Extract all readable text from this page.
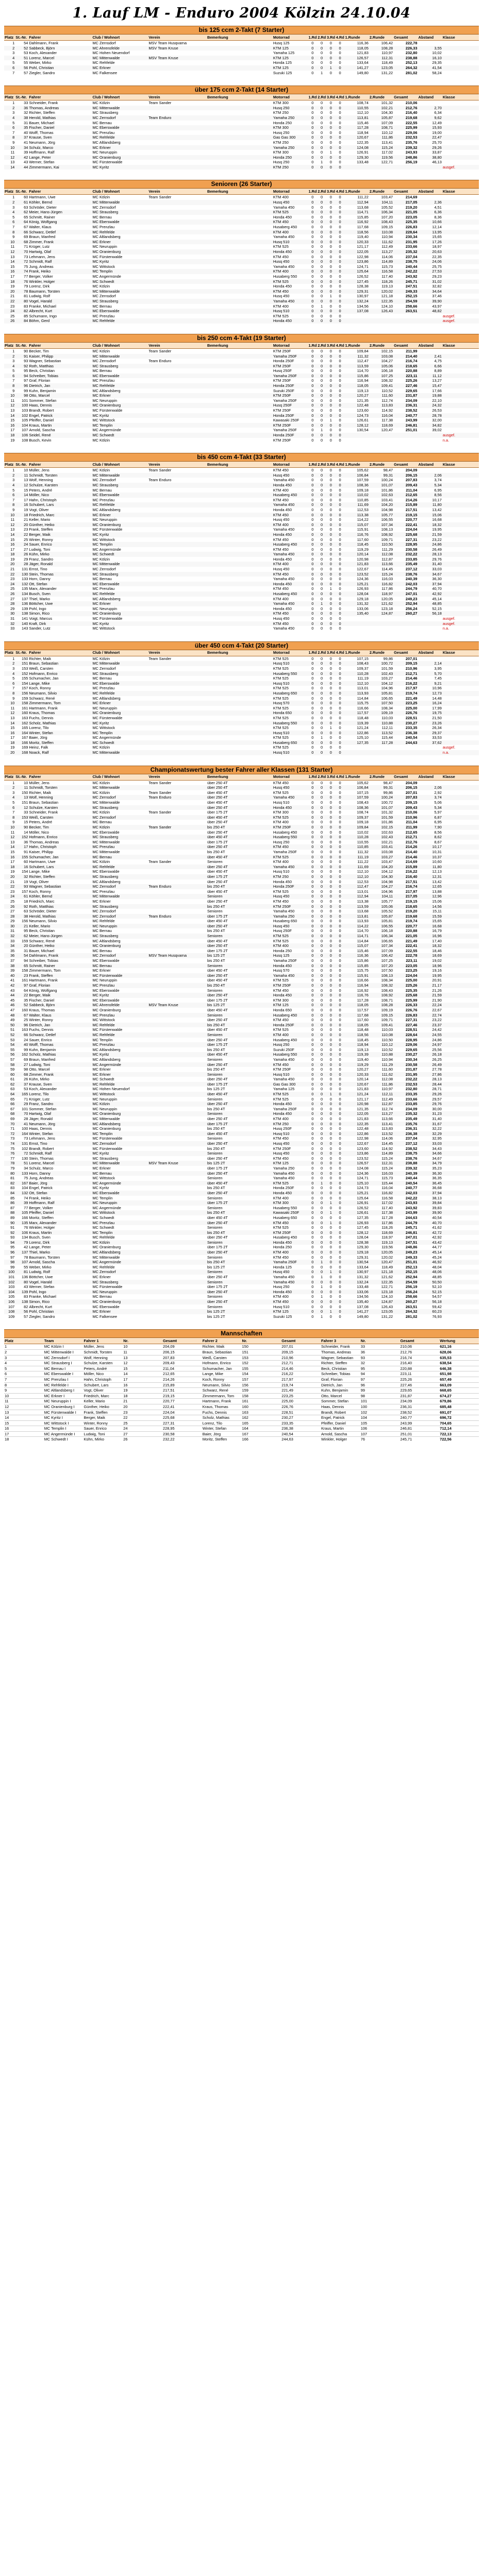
1. Lauf LM - Enduro 2004 Kölzin 24.10.04
bis 125 ccm 2-Takt (7 Starter)
Platz	St.-Nr.	Fahrer	Club / Wohnort	Verein	Bemerkung	Motorrad	1.Rd	2.Rd	3.Rd	4.Rd	1.Runde	2.Runde	Gesamt	Abstand	Klasse
1	54	Dahlmann, Frank	MC Zernsdorf	MSV Team Husqvarna		Husq 125	0	0	0	0	116,36	106,42	222,78		
2	52	Sabbeck, Björn	MC Ahrensfelde	MSV Team Kruse		KTM 125	0	0	0	0	118,05	108,28	226,33	3,55	
3	53	Koch, Alexander	MC Hohen Neuendorf			Yamaha 125	0	0	0	0	121,83	110,97	232,80	10,02	
4	51	Lorenz, Marcel	MC Mittenwalde	MSV Team Kruse		KTM 125	0	0	0	0	126,57	112,31	238,88	16,10	
5	55	Weber, Mirko	MC Rehfelde			Honda 125	0	0	0	0	133,64	118,49	252,13	29,35	
6	56	Pohl, Christian	MC Erkner			KTM 125	0	0	1	0	141,27	123,05	264,32	41,54	
7	57	Ziegler, Sandro	MC Falkensee			Suzuki 125	0	1	0	0	149,80	131,22	281,02	58,24	
über 175 ccm 2-Takt (14 Starter)
Platz	St.-Nr.	Fahrer	Club / Wohnort	Verein	Bemerkung	Motorrad	1.Rd	2.Rd	3.Rd	4.Rd	1.Runde	2.Runde	Gesamt	Abstand	Klasse
1	33	Schneider, Frank	MC Kölzin	Team Sander		KTM 300	0	0	0	0	108,74	101,32	210,06		
2	36	Thomas, Andreas	MC Mittenwalde			Husq 250	0	0	0	0	110,55	102,21	212,76	2,70	
3	32	Richter, Steffen	MC Strausberg			KTM 250	0	0	0	0	112,10	104,30	216,40	6,34	
4	38	Herold, Mathias	MC Zernsdorf	Team Enduro		Yamaha 250	0	0	0	0	113,81	105,87	219,68	9,62	
5	31	Bauer, Michael	MC Bernau			Honda 250	0	0	0	0	115,46	107,09	222,55	12,49	
6	35	Fischer, Daniel	MC Eberswalde			KTM 300	0	0	0	0	117,28	108,71	225,99	15,93	
7	40	Wolff, Thomas	MC Prenzlau			Husq 250	0	0	0	0	118,94	110,12	229,06	19,00	
8	37	Krause, Sven	MC Rehfelde			Gas Gas 300	0	0	0	0	120,67	111,86	232,53	22,47	
9	41	Neumann, Jörg	MC Altlandsberg			KTM 250	0	0	0	0	122,35	113,41	235,76	25,70	
10	34	Schulz, Marco	MC Erkner			Yamaha 250	0	0	0	0	124,08	115,24	239,32	29,26	
11	39	Hoffmann, Ralf	MC Neuruppin			KTM 300	0	0	1	0	126,91	117,02	243,93	33,87	
12	42	Lange, Peter	MC Oranienburg			Honda 250	0	0	0	0	129,30	119,56	248,86	38,80	
13	43	Werner, Stefan	MC Fürstenwalde			Husq 250	0	1	0	0	133,48	122,71	256,19	46,13	
14	44	Zimmermann, Kai	MC Kyritz			KTM 250	0	0	0	0					ausgef.
Senioren (26 Starter)
Platz	St.-Nr.	Fahrer	Club / Wohnort	Verein	Bemerkung	Motorrad	1.Rd	2.Rd	3.Rd	4.Rd	1.Runde	2.Runde	Gesamt	Abstand	Klasse
1	60	Hartmann, Uwe	MC Kölzin	Team Sander		KTM 400	0	0	0	0	111,22	103,47	214,69		
2	61	Köhler, Bernd	MC Mittenwalde			Husq 450	0	0	0	0	112,94	104,11	217,05	2,36	
3	63	Schröder, Dieter	MC Zernsdorf			Yamaha 450	0	0	0	0	113,68	105,52	219,20	4,51	
4	62	Meier, Hans-Jürgen	MC Strausberg			KTM 525	0	0	0	0	114,71	106,34	221,05	6,36	
5	65	Schmitt, Rainer	MC Bernau			Honda 450	0	0	0	0	115,85	107,20	223,05	8,36	
6	64	König, Wolfgang	MC Eberswalde			KTM 450	0	0	0	0	116,92	108,43	225,35	10,66	
7	67	Walter, Klaus	MC Prenzlau			Husaberg 450	0	0	0	0	117,68	109,15	226,83	12,14	
8	66	Schwarz, Detlef	MC Rehfelde			KTM 400	0	0	0	0	118,56	110,08	228,64	13,95	
9	69	Braun, Manfred	MC Altlandsberg			Yamaha 450	0	0	0	0	119,40	110,94	230,34	15,65	
10	68	Zimmer, Frank	MC Erkner			Husq 510	0	0	0	0	120,33	111,62	231,95	17,26	
11	71	Krüger, Lutz	MC Neuruppin			KTM 525	0	0	0	0	121,17	112,49	233,66	18,97	
12	70	Hartwig, Olaf	MC Oranienburg			Honda 450	0	0	0	0	122,05	113,27	235,32	20,63	
13	73	Lehmann, Jens	MC Fürstenwalde			KTM 450	0	0	0	0	122,98	114,06	237,04	22,35	
14	72	Schmidt, Ralf	MC Kyritz			Husq 450	0	0	0	0	123,86	114,89	238,75	24,06	
15	75	Jung, Andreas	MC Wittstock			Yamaha 450	0	0	0	0	124,71	115,73	240,44	25,75	
16	74	Frank, Heiko	MC Templin			KTM 400	0	0	0	0	125,64	116,58	242,22	27,53	
17	77	Berger, Volker	MC Angermünde			Husaberg 550	0	0	0	0	126,52	117,40	243,92	29,23	
18	76	Winkler, Holger	MC Schwedt			KTM 525	0	0	0	0	127,45	118,26	245,71	31,02	
19	79	Lorenz, Dirk	MC Kölzin			Honda 450	0	0	0	0	128,38	119,13	247,51	32,82	
20	78	Baumann, Torsten	MC Mittenwalde			KTM 450	0	0	0	0	129,31	120,02	249,33	34,64	
21	81	Ludwig, Rolf	MC Zernsdorf			Husq 450	0	0	1	0	130,97	121,18	252,15	37,46	
22	80	Vogel, Harald	MC Strausberg			Yamaha 450	0	0	0	0	132,24	122,35	254,59	39,90	
23	83	Franke, Michael	MC Bernau			KTM 400	0	1	0	0	134,56	124,10	258,66	43,97	
24	82	Albrecht, Kurt	MC Eberswalde			Husq 510	0	0	0	0	137,08	126,43	263,51	48,82	
25	85	Schumann, Ingo	MC Prenzlau			KTM 525	0	0	0	0					ausgef.
26	84	Böhm, Gerd	MC Rehfelde			Honda 450	0	0	0	0					ausgef.
bis 250 ccm 4-Takt (19 Starter)
Platz	St.-Nr.	Fahrer	Club / Wohnort	Verein	Bemerkung	Motorrad	1.Rd	2.Rd	3.Rd	4.Rd	1.Runde	2.Runde	Gesamt	Abstand	Klasse
1	90	Becker, Tim	MC Kölzin	Team Sander		KTM 250F	0	0	0	0	109,84	102,15	211,99		
2	91	Kaiser, Philipp	MC Mittenwalde			Yamaha 250F	0	0	0	0	111,32	103,08	214,40	2,41	
3	93	Wagner, Sebastian	MC Zernsdorf	Team Enduro		Honda 250F	0	0	0	0	112,47	104,27	216,74	4,75	
4	92	Roth, Matthias	MC Strausberg			KTM 250F	0	0	0	0	113,59	105,06	218,65	6,66	
5	95	Beck, Christian	MC Bernau			Husq 250F	0	0	0	0	114,70	106,18	220,88	8,89	
6	94	Schreiber, Tobias	MC Eberswalde			Yamaha 250F	0	0	0	0	115,86	107,25	223,11	11,12	
7	97	Graf, Florian	MC Prenzlau			KTM 250F	0	0	0	0	116,94	108,32	225,26	13,27	
8	96	Dietrich, Jan	MC Rehfelde			Honda 250F	0	0	0	0	118,05	109,41	227,46	15,47	
9	99	Kuhn, Benjamin	MC Altlandsberg			Suzuki 250F	0	0	0	0	119,13	110,52	229,65	17,66	
10	98	Otto, Marcel	MC Erkner			KTM 250F	0	0	0	0	120,27	111,60	231,87	19,88	
11	101	Sommer, Stefan	MC Neuruppin			Yamaha 250F	0	0	0	0	121,35	112,74	234,09	22,10	
12	100	Haas, Dennis	MC Oranienburg			Husq 250F	0	0	0	0	122,48	113,83	236,31	24,32	
13	103	Brandt, Robert	MC Fürstenwalde			KTM 250F	0	0	0	0	123,60	114,92	238,52	26,53	
14	102	Engel, Patrick	MC Kyritz			Honda 250F	0	0	0	0	124,73	116,04	240,77	28,78	
15	105	Pfeiffer, Daniel	MC Wittstock			Kawasaki 250F	0	0	1	0	126,61	117,38	243,99	32,00	
16	104	Kraus, Martin	MC Templin			KTM 250F	0	0	0	0	128,12	118,69	246,81	34,82	
17	107	Arnold, Sascha	MC Angermünde			Yamaha 250F	0	1	0	0	130,54	120,47	251,01	39,02	
18	106	Seidel, René	MC Schwedt			Honda 250F	0	0	0	0					ausgef.
19	108	Busch, Kevin	MC Kölzin			KTM 250F	0	0	0	0					n.a.
bis 450 ccm 4-Takt (33 Starter)
Platz	St.-Nr.	Fahrer	Club / Wohnort	Verein	Bemerkung	Motorrad	1.Rd	2.Rd	3.Rd	4.Rd	1.Runde	2.Runde	Gesamt	Abstand	Klasse
1	10	Müller, Jens	MC Kölzin	Team Sander		KTM 450	0	0	0	0	105,62	98,47	204,09		
2	11	Schmidt, Torsten	MC Mittenwalde			Husq 450	0	0	0	0	106,84	99,31	206,15	2,06	
3	13	Wolf, Henning	MC Zernsdorf	Team Enduro		Yamaha 450	0	0	0	0	107,59	100,24	207,83	3,74	
4	12	Schulze, Karsten	MC Strausberg			Honda 450	0	0	0	0	108,36	101,07	209,43	5,34	
5	15	Peters, André	MC Bernau			KTM 400	0	0	0	0	109,18	101,86	211,04	6,95	
6	14	Möller, Nico	MC Eberswalde			Husaberg 450	0	0	0	0	110,02	102,63	212,65	8,56	
7	17	Hahn, Christoph	MC Prenzlau			KTM 450	0	0	0	0	110,85	103,41	214,26	10,17	
8	16	Schubert, Lars	MC Rehfelde			Yamaha 450	0	0	0	0	111,69	104,20	215,89	11,80	
9	19	Vogt, Oliver	MC Altlandsberg			Honda 450	0	0	0	0	112,53	104,98	217,51	13,42	
10	18	Friedrich, Marc	MC Erkner			KTM 450	0	0	0	0	113,38	105,77	219,15	15,06	
11	21	Keller, Mario	MC Neuruppin			Husq 450	0	0	0	0	114,22	106,55	220,77	16,68	
12	20	Günther, Heiko	MC Oranienburg			KTM 400	0	0	0	0	115,07	107,34	222,41	18,32	
13	23	Frank, Steffen	MC Fürstenwalde			Yamaha 450	0	0	0	0	115,91	108,13	224,04	19,95	
14	22	Berger, Maik	MC Kyritz			Honda 450	0	0	0	0	116,76	108,92	225,68	21,59	
15	25	Winter, Ronny	MC Wittstock			KTM 450	0	0	0	0	117,60	109,71	227,31	23,22	
16	24	Sauer, Enrico	MC Templin			Husaberg 450	0	0	0	0	118,45	110,50	228,95	24,86	
17	27	Ludwig, Toni	MC Angermünde			KTM 450	0	0	0	0	119,29	111,29	230,58	26,49	
18	26	Kühn, Mirko	MC Schwedt			Yamaha 450	0	0	0	0	120,14	112,08	232,22	28,13	
19	29	Franz, Sandro	MC Kölzin			Honda 450	0	0	0	0	120,98	112,87	233,85	29,76	
20	28	Jäger, Ronald	MC Mittenwalde			KTM 400	0	0	0	0	121,83	113,66	235,49	31,40	
21	131	Ernst, Tino	MC Zernsdorf			Husq 450	0	0	0	0	122,67	114,45	237,12	33,03	
22	130	Stein, Thomas	MC Strausberg			KTM 450	0	0	0	0	123,52	115,24	238,76	34,67	
23	133	Horn, Danny	MC Bernau			Yamaha 450	0	0	0	0	124,36	116,03	240,39	36,30	
24	132	Ott, Stefan	MC Eberswalde			Honda 450	0	0	0	0	125,21	116,82	242,03	37,94	
25	135	Marx, Alexander	MC Prenzlau			KTM 450	0	0	1	0	126,93	117,86	244,79	40,70	
26	134	Busch, Sven	MC Rehfelde			Husaberg 450	0	0	0	0	128,04	118,97	247,01	42,92	
27	137	Thiel, Marko	MC Altlandsberg			KTM 400	0	0	0	0	129,18	120,05	249,23	45,14	
28	136	Böttcher, Uwe	MC Erkner			Yamaha 450	0	1	0	0	131,32	121,62	252,94	48,85	
29	139	Pohl, Ingo	MC Neuruppin			Honda 450	0	0	0	0	133,06	123,18	256,24	52,15	
30	138	Simon, Rico	MC Oranienburg			KTM 450	0	0	0	0	135,40	124,87	260,27	56,18	
31	141	Voigt, Marcus	MC Fürstenwalde			Husq 450	0	0	0	0					ausgef.
32	140	Kraft, Dirk	MC Kyritz			KTM 450	0	0	0	0					ausgef.
33	143	Sander, Lutz	MC Wittstock			Yamaha 450	0	0	0	0					n.a.
über 450 ccm 4-Takt (20 Starter)
Platz	St.-Nr.	Fahrer	Club / Wohnort	Verein	Bemerkung	Motorrad	1.Rd	2.Rd	3.Rd	4.Rd	1.Runde	2.Runde	Gesamt	Abstand	Klasse
1	150	Richter, Maik	MC Kölzin	Team Sander		KTM 525	0	0	0	0	107,15	99,86	207,01		
2	151	Braun, Sebastian	MC Mittenwalde			Husq 510	0	0	0	0	108,43	100,72	209,15	2,14	
3	153	Weiß, Carsten	MC Zernsdorf			KTM 525	0	0	0	0	109,37	101,59	210,96	3,95	
4	152	Hofmann, Enrico	MC Strausberg			Husaberg 550	0	0	0	0	110,28	102,43	212,71	5,70	
5	155	Schumacher, Jan	MC Bernau			KTM 525	0	0	0	0	111,19	103,27	214,46	7,45	
6	154	Lange, Mike	MC Eberswalde			Husq 510	0	0	0	0	112,10	104,12	216,22	9,21	
7	157	Koch, Ronny	MC Prenzlau			KTM 525	0	0	0	0	113,01	104,96	217,97	10,96	
8	156	Neumann, Silvio	MC Rehfelde			Husaberg 650	0	0	0	0	113,93	105,81	219,74	12,73	
9	159	Schwarz, René	MC Altlandsberg			KTM 525	0	0	0	0	114,84	106,65	221,49	14,48	
10	158	Zimmermann, Tom	MC Erkner			Husq 570	0	0	0	0	115,75	107,50	223,25	16,24	
11	161	Hartmann, Frank	MC Neuruppin			KTM 525	0	0	0	0	116,66	108,34	225,00	17,99	
12	160	Kraus, Thomas	MC Oranienburg			Honda 650	0	0	0	0	117,57	109,19	226,76	19,75	
13	163	Fuchs, Dennis	MC Fürstenwalde			KTM 525	0	0	0	0	118,48	110,03	228,51	21,50	
14	162	Scholz, Mathias	MC Kyritz			Husaberg 550	0	0	0	0	119,39	110,88	230,27	23,26	
15	165	Lorenz, Tilo	MC Wittstock			KTM 525	0	0	1	0	121,24	112,11	233,35	26,34	
16	164	Winter, Stefan	MC Templin			Husq 510	0	0	0	0	122,86	113,52	236,38	29,37	
17	167	Baier, Jörg	MC Angermünde			KTM 525	0	1	0	0	125,10	115,44	240,54	33,53	
18	166	Moritz, Steffen	MC Schwedt			Husaberg 650	0	0	0	0	127,35	117,28	244,63	37,62	
19	169	Heinz, Falk	MC Kölzin			KTM 525	0	0	0	0					ausgef.
20	168	Noack, Ralf	MC Mittenwalde			Husq 510	0	0	0	0					n.a.
Championatswertung bester Fahrer aller Klassen (131 Starter)
Platz	St.-Nr.	Fahrer	Club / Wohnort	Verein	Bemerkung	Motorrad	1.Rd	2.Rd	3.Rd	4.Rd	1.Runde	2.Runde	Gesamt	Abstand	Klasse
1	10	Müller, Jens	MC Kölzin	Team Sander	über 250 4T	KTM 450	0	0	0	0	105,62	98,47	204,09		
2	11	Schmidt, Torsten	MC Mittenwalde		über 250 4T	Husq 450	0	0	0	0	106,84	99,31	206,15	2,06	
3	150	Richter, Maik	MC Kölzin	Team Sander	über 450 4T	KTM 525	0	0	0	0	107,15	99,86	207,01	2,92	
4	13	Wolf, Henning	MC Zernsdorf	Team Enduro	über 250 4T	Yamaha 450	0	0	0	0	107,59	100,24	207,83	3,74	
5	151	Braun, Sebastian	MC Mittenwalde		über 450 4T	Husq 510	0	0	0	0	108,43	100,72	209,15	5,06	
6	12	Schulze, Karsten	MC Strausberg		über 250 4T	Honda 450	0	0	0	0	108,36	101,07	209,43	5,34	
7	33	Schneider, Frank	MC Kölzin	Team Sander	über 175 2T	KTM 300	0	0	0	0	108,74	101,32	210,06	5,97	
8	153	Weiß, Carsten	MC Zernsdorf		über 450 4T	KTM 525	0	0	0	0	109,37	101,59	210,96	6,87	
9	15	Peters, André	MC Bernau		über 250 4T	KTM 400	0	0	0	0	109,18	101,86	211,04	6,95	
10	90	Becker, Tim	MC Kölzin	Team Sander	bis 250 4T	KTM 250F	0	0	0	0	109,84	102,15	211,99	7,90	
11	14	Möller, Nico	MC Eberswalde		über 250 4T	Husaberg 450	0	0	0	0	110,02	102,63	212,65	8,56	
12	152	Hofmann, Enrico	MC Strausberg		über 450 4T	Husaberg 550	0	0	0	0	110,28	102,43	212,71	8,62	
13	36	Thomas, Andreas	MC Mittenwalde		über 175 2T	Husq 250	0	0	0	0	110,55	102,21	212,76	8,67	
14	17	Hahn, Christoph	MC Prenzlau		über 250 4T	KTM 450	0	0	0	0	110,85	103,41	214,26	10,17	
15	91	Kaiser, Philipp	MC Mittenwalde		bis 250 4T	Yamaha 250F	0	0	0	0	111,32	103,08	214,40	10,31	
16	155	Schumacher, Jan	MC Bernau		über 450 4T	KTM 525	0	0	0	0	111,19	103,27	214,46	10,37	
17	60	Hartmann, Uwe	MC Kölzin	Team Sander	Senioren	KTM 400	0	0	0	0	111,22	103,47	214,69	10,60	
18	16	Schubert, Lars	MC Rehfelde		über 250 4T	Yamaha 450	0	0	0	0	111,69	104,20	215,89	11,80	
19	154	Lange, Mike	MC Eberswalde		über 450 4T	Husq 510	0	0	0	0	112,10	104,12	216,22	12,13	
20	32	Richter, Steffen	MC Strausberg		über 175 2T	KTM 250	0	0	0	0	112,10	104,30	216,40	12,31	
21	19	Vogt, Oliver	MC Altlandsberg		über 250 4T	Honda 450	0	0	0	0	112,53	104,98	217,51	13,42	
22	93	Wagner, Sebastian	MC Zernsdorf	Team Enduro	bis 250 4T	Honda 250F	0	0	0	0	112,47	104,27	216,74	12,65	
23	157	Koch, Ronny	MC Prenzlau		über 450 4T	KTM 525	0	0	0	0	113,01	104,96	217,97	13,88	
24	61	Köhler, Bernd	MC Mittenwalde		Senioren	Husq 450	0	0	0	0	112,94	104,11	217,05	12,96	
25	18	Friedrich, Marc	MC Erkner		über 250 4T	KTM 450	0	0	0	0	113,38	105,77	219,15	15,06	
26	92	Roth, Matthias	MC Strausberg		bis 250 4T	KTM 250F	0	0	0	0	113,59	105,06	218,65	14,56	
27	63	Schröder, Dieter	MC Zernsdorf		Senioren	Yamaha 450	0	0	0	0	113,68	105,52	219,20	15,11	
28	38	Herold, Mathias	MC Zernsdorf	Team Enduro	über 175 2T	Yamaha 250	0	0	0	0	113,81	105,87	219,68	15,59	
29	156	Neumann, Silvio	MC Rehfelde		über 450 4T	Husaberg 650	0	0	0	0	113,93	105,81	219,74	15,65	
30	21	Keller, Mario	MC Neuruppin		über 250 4T	Husq 450	0	0	0	0	114,22	106,55	220,77	16,68	
31	95	Beck, Christian	MC Bernau		bis 250 4T	Husq 250F	0	0	0	0	114,70	106,18	220,88	16,79	
32	62	Meier, Hans-Jürgen	MC Strausberg		Senioren	KTM 525	0	0	0	0	114,71	106,34	221,05	16,96	
33	159	Schwarz, René	MC Altlandsberg		über 450 4T	KTM 525	0	0	0	0	114,84	106,65	221,49	17,40	
34	20	Günther, Heiko	MC Oranienburg		über 250 4T	KTM 400	0	0	0	0	115,07	107,34	222,41	18,32	
35	31	Bauer, Michael	MC Bernau		über 175 2T	Honda 250	0	0	0	0	115,46	107,09	222,55	18,46	
36	54	Dahlmann, Frank	MC Zernsdorf	MSV Team Husqvarna	bis 125 2T	Husq 125	0	0	0	0	116,36	106,42	222,78	18,69	
37	94	Schreiber, Tobias	MC Eberswalde		bis 250 4T	Yamaha 250F	0	0	0	0	115,86	107,25	223,11	19,02	
38	65	Schmitt, Rainer	MC Bernau		Senioren	Honda 450	0	0	0	0	115,85	107,20	223,05	18,96	
39	158	Zimmermann, Tom	MC Erkner		über 450 4T	Husq 570	0	0	0	0	115,75	107,50	223,25	19,16	
40	23	Frank, Steffen	MC Fürstenwalde		über 250 4T	Yamaha 450	0	0	0	0	115,91	108,13	224,04	19,95	
41	161	Hartmann, Frank	MC Neuruppin		über 450 4T	KTM 525	0	0	0	0	116,66	108,34	225,00	20,91	
42	97	Graf, Florian	MC Prenzlau		bis 250 4T	KTM 250F	0	0	0	0	116,94	108,32	225,26	21,17	
43	64	König, Wolfgang	MC Eberswalde		Senioren	KTM 450	0	0	0	0	116,92	108,43	225,35	21,26	
44	22	Berger, Maik	MC Kyritz		über 250 4T	Honda 450	0	0	0	0	116,76	108,92	225,68	21,59	
45	35	Fischer, Daniel	MC Eberswalde		über 175 2T	KTM 300	0	0	0	0	117,28	108,71	225,99	21,90	
46	52	Sabbeck, Björn	MC Ahrensfelde	MSV Team Kruse	bis 125 2T	KTM 125	0	0	0	0	118,05	108,28	226,33	22,24	
47	160	Kraus, Thomas	MC Oranienburg		über 450 4T	Honda 650	0	0	0	0	117,57	109,19	226,76	22,67	
48	67	Walter, Klaus	MC Prenzlau		Senioren	Husaberg 450	0	0	0	0	117,68	109,15	226,83	22,74	
49	25	Winter, Ronny	MC Wittstock		über 250 4T	KTM 450	0	0	0	0	117,60	109,71	227,31	23,22	
50	96	Dietrich, Jan	MC Rehfelde		bis 250 4T	Honda 250F	0	0	0	0	118,05	109,41	227,46	23,37	
51	163	Fuchs, Dennis	MC Fürstenwalde		über 450 4T	KTM 525	0	0	0	0	118,48	110,03	228,51	24,42	
52	66	Schwarz, Detlef	MC Rehfelde		Senioren	KTM 400	0	0	0	0	118,56	110,08	228,64	24,55	
53	24	Sauer, Enrico	MC Templin		über 250 4T	Husaberg 450	0	0	0	0	118,45	110,50	228,95	24,86	
54	40	Wolff, Thomas	MC Prenzlau		über 175 2T	Husq 250	0	0	0	0	118,94	110,12	229,06	24,97	
55	99	Kuhn, Benjamin	MC Altlandsberg		bis 250 4T	Suzuki 250F	0	0	0	0	119,13	110,52	229,65	25,56	
56	162	Scholz, Mathias	MC Kyritz		über 450 4T	Husaberg 550	0	0	0	0	119,39	110,88	230,27	26,18	
57	69	Braun, Manfred	MC Altlandsberg		Senioren	Yamaha 450	0	0	0	0	119,40	110,94	230,34	26,25	
58	27	Ludwig, Toni	MC Angermünde		über 250 4T	KTM 450	0	0	0	0	119,29	111,29	230,58	26,49	
59	98	Otto, Marcel	MC Erkner		bis 250 4T	KTM 250F	0	0	0	0	120,27	111,60	231,87	27,78	
60	68	Zimmer, Frank	MC Erkner		Senioren	Husq 510	0	0	0	0	120,33	111,62	231,95	27,86	
61	26	Kühn, Mirko	MC Schwedt		über 250 4T	Yamaha 450	0	0	0	0	120,14	112,08	232,22	28,13	
62	37	Krause, Sven	MC Rehfelde		über 175 2T	Gas Gas 300	0	0	0	0	120,67	111,86	232,53	28,44	
63	53	Koch, Alexander	MC Hohen Neuendorf		bis 125 2T	Yamaha 125	0	0	0	0	121,83	110,97	232,80	28,71	
64	165	Lorenz, Tilo	MC Wittstock		über 450 4T	KTM 525	0	0	1	0	121,24	112,11	233,35	29,26	
65	71	Krüger, Lutz	MC Neuruppin		Senioren	KTM 525	0	0	0	0	121,17	112,49	233,66	29,57	
66	29	Franz, Sandro	MC Kölzin		über 250 4T	Honda 450	0	0	0	0	120,98	112,87	233,85	29,76	
67	101	Sommer, Stefan	MC Neuruppin		bis 250 4T	Yamaha 250F	0	0	0	0	121,35	112,74	234,09	30,00	
68	70	Hartwig, Olaf	MC Oranienburg		Senioren	Honda 450	0	0	0	0	122,05	113,27	235,32	31,23	
69	28	Jäger, Ronald	MC Mittenwalde		über 250 4T	KTM 400	0	0	0	0	121,83	113,66	235,49	31,40	
70	41	Neumann, Jörg	MC Altlandsberg		über 175 2T	KTM 250	0	0	0	0	122,35	113,41	235,76	31,67	
71	100	Haas, Dennis	MC Oranienburg		bis 250 4T	Husq 250F	0	0	0	0	122,48	113,83	236,31	32,22	
72	164	Winter, Stefan	MC Templin		über 450 4T	Husq 510	0	0	0	0	122,86	113,52	236,38	32,29	
73	73	Lehmann, Jens	MC Fürstenwalde		Senioren	KTM 450	0	0	0	0	122,98	114,06	237,04	32,95	
74	131	Ernst, Tino	MC Zernsdorf		über 250 4T	Husq 450	0	0	0	0	122,67	114,45	237,12	33,03	
75	102	Brandt, Robert	MC Fürstenwalde		bis 250 4T	KTM 250F	0	0	0	0	123,60	114,92	238,52	34,43	
76	72	Schmidt, Ralf	MC Kyritz		Senioren	Husq 450	0	0	0	0	123,86	114,89	238,75	34,66	
77	130	Stein, Thomas	MC Strausberg		über 250 4T	KTM 450	0	0	0	0	123,52	115,24	238,76	34,67	
78	51	Lorenz, Marcel	MC Mittenwalde	MSV Team Kruse	bis 125 2T	KTM 125	0	0	0	0	126,57	112,31	238,88	34,79	
79	34	Schulz, Marco	MC Erkner		über 175 2T	Yamaha 250	0	0	0	0	124,08	115,24	239,32	35,23	
80	133	Horn, Danny	MC Bernau		über 250 4T	Yamaha 450	0	0	0	0	124,36	116,03	240,39	36,30	
81	75	Jung, Andreas	MC Wittstock		Senioren	Yamaha 450	0	0	0	0	124,71	115,73	240,44	36,35	
82	167	Baier, Jörg	MC Angermünde		über 450 4T	KTM 525	0	1	0	0	125,10	115,44	240,54	36,45	
83	104	Engel, Patrick	MC Kyritz		bis 250 4T	Honda 250F	0	0	0	0	124,73	116,04	240,77	36,68	
84	132	Ott, Stefan	MC Eberswalde		über 250 4T	Honda 450	0	0	0	0	125,21	116,82	242,03	37,94	
85	74	Frank, Heiko	MC Templin		Senioren	KTM 400	0	0	0	0	125,64	116,58	242,22	38,13	
86	39	Hoffmann, Ralf	MC Neuruppin		über 175 2T	KTM 300	0	0	1	0	126,91	117,02	243,93	39,84	
87	77	Berger, Volker	MC Angermünde		Senioren	Husaberg 550	0	0	0	0	126,52	117,40	243,92	39,83	
88	105	Pfeiffer, Daniel	MC Wittstock		bis 250 4T	Kawasaki 250F	0	0	1	0	126,61	117,38	243,99	39,90	
89	166	Moritz, Steffen	MC Schwedt		über 450 4T	Husaberg 650	0	0	0	0	127,35	117,28	244,63	40,54	
90	135	Marx, Alexander	MC Prenzlau		über 250 4T	KTM 450	0	0	1	0	126,93	117,86	244,79	40,70	
91	76	Winkler, Holger	MC Schwedt		Senioren	KTM 525	0	0	0	0	127,45	118,26	245,71	41,62	
92	106	Kraus, Martin	MC Templin		bis 250 4T	KTM 250F	0	0	0	0	128,12	118,69	246,81	42,72	
93	134	Busch, Sven	MC Rehfelde		über 250 4T	Husaberg 450	0	0	0	0	128,04	118,97	247,01	42,92	
94	79	Lorenz, Dirk	MC Kölzin		Senioren	Honda 450	0	0	0	0	128,38	119,13	247,51	43,42	
95	42	Lange, Peter	MC Oranienburg		über 175 2T	Honda 250	0	0	0	0	129,30	119,56	248,86	44,77	
96	137	Thiel, Marko	MC Altlandsberg		über 250 4T	KTM 400	0	0	0	0	129,18	120,05	249,23	45,14	
97	78	Baumann, Torsten	MC Mittenwalde		Senioren	KTM 450	0	0	0	0	129,31	120,02	249,33	45,24	
98	107	Arnold, Sascha	MC Angermünde		bis 250 4T	Yamaha 250F	0	1	0	0	130,54	120,47	251,01	46,92	
99	55	Weber, Mirko	MC Rehfelde		bis 125 2T	Honda 125	0	0	0	0	133,64	118,49	252,13	48,04	
100	81	Ludwig, Rolf	MC Zernsdorf		Senioren	Husq 450	0	0	1	0	130,97	121,18	252,15	48,06	
101	136	Böttcher, Uwe	MC Erkner		über 250 4T	Yamaha 450	0	1	0	0	131,32	121,62	252,94	48,85	
102	80	Vogel, Harald	MC Strausberg		Senioren	Yamaha 450	0	0	0	0	132,24	122,35	254,59	50,50	
103	43	Werner, Stefan	MC Fürstenwalde		über 175 2T	Husq 250	0	1	0	0	133,48	122,71	256,19	52,10	
104	139	Pohl, Ingo	MC Neuruppin		über 250 4T	Honda 450	0	0	0	0	133,06	123,18	256,24	52,15	
105	83	Franke, Michael	MC Bernau		Senioren	KTM 400	0	1	0	0	134,56	124,10	258,66	54,57	
106	138	Simon, Rico	MC Oranienburg		über 250 4T	KTM 450	0	0	0	0	135,40	124,87	260,27	56,18	
107	82	Albrecht, Kurt	MC Eberswalde		Senioren	Husq 510	0	0	0	0	137,08	126,43	263,51	59,42	
108	56	Pohl, Christian	MC Erkner		bis 125 2T	KTM 125	0	0	1	0	141,27	123,05	264,32	60,23	
109	57	Ziegler, Sandro	MC Falkensee		bis 125 2T	Suzuki 125	0	1	0	0	149,80	131,22	281,02	76,93	
Mannschaften
Platz	Team	Fahrer 1	Nr.	Gesamt	Fahrer 2	Nr.	Gesamt	Fahrer 3	Nr.	Gesamt	Wertung
1	MC Kölzin I	Müller, Jens	10	204,09	Richter, Maik	150	207,01	Schneider, Frank	33	210,06	621,16
2	MC Mittenwalde I	Schmidt, Torsten	11	206,15	Braun, Sebastian	151	209,15	Thomas, Andreas	36	212,76	628,06
3	MC Zernsdorf I	Wolf, Henning	13	207,83	Weiß, Carsten	153	210,96	Wagner, Sebastian	93	216,74	635,53
4	MC Strausberg I	Schulze, Karsten	12	209,43	Hofmann, Enrico	152	212,71	Richter, Steffen	32	216,40	638,54
5	MC Bernau I	Peters, André	15	211,04	Schumacher, Jan	155	214,46	Beck, Christian	95	220,88	646,38
6	MC Eberswalde I	Möller, Nico	14	212,65	Lange, Mike	154	216,22	Schreiber, Tobias	94	223,11	651,98
7	MC Prenzlau I	Hahn, Christoph	17	214,26	Koch, Ronny	157	217,97	Graf, Florian	97	225,26	657,49
8	MC Rehfelde I	Schubert, Lars	16	215,89	Neumann, Silvio	156	219,74	Dietrich, Jan	96	227,46	663,09
9	MC Altlandsberg I	Vogt, Oliver	19	217,51	Schwarz, René	159	221,49	Kuhn, Benjamin	99	229,65	668,65
10	MC Erkner I	Friedrich, Marc	18	219,15	Zimmermann, Tom	158	223,25	Otto, Marcel	98	231,87	674,27
11	MC Neuruppin I	Keller, Mario	21	220,77	Hartmann, Frank	161	225,00	Sommer, Stefan	101	234,09	679,86
12	MC Oranienburg I	Günther, Heiko	20	222,41	Kraus, Thomas	160	226,76	Haas, Dennis	100	236,31	685,48
13	MC Fürstenwalde I	Frank, Steffen	23	224,04	Fuchs, Dennis	163	228,51	Brandt, Robert	102	238,52	691,07
14	MC Kyritz I	Berger, Maik	22	225,68	Scholz, Mathias	162	230,27	Engel, Patrick	104	240,77	696,72
15	MC Wittstock I	Winter, Ronny	25	227,31	Lorenz, Tilo	165	233,35	Pfeiffer, Daniel	105	243,99	704,65
16	MC Templin I	Sauer, Enrico	24	228,95	Winter, Stefan	164	236,38	Kraus, Martin	106	246,81	712,14
17	MC Angermünde I	Ludwig, Toni	27	230,58	Baier, Jörg	167	240,54	Arnold, Sascha	107	251,01	722,13
18	MC Schwedt I	Kühn, Mirko	26	232,22	Moritz, Steffen	166	244,63	Winkler, Holger	76	245,71	722,56
